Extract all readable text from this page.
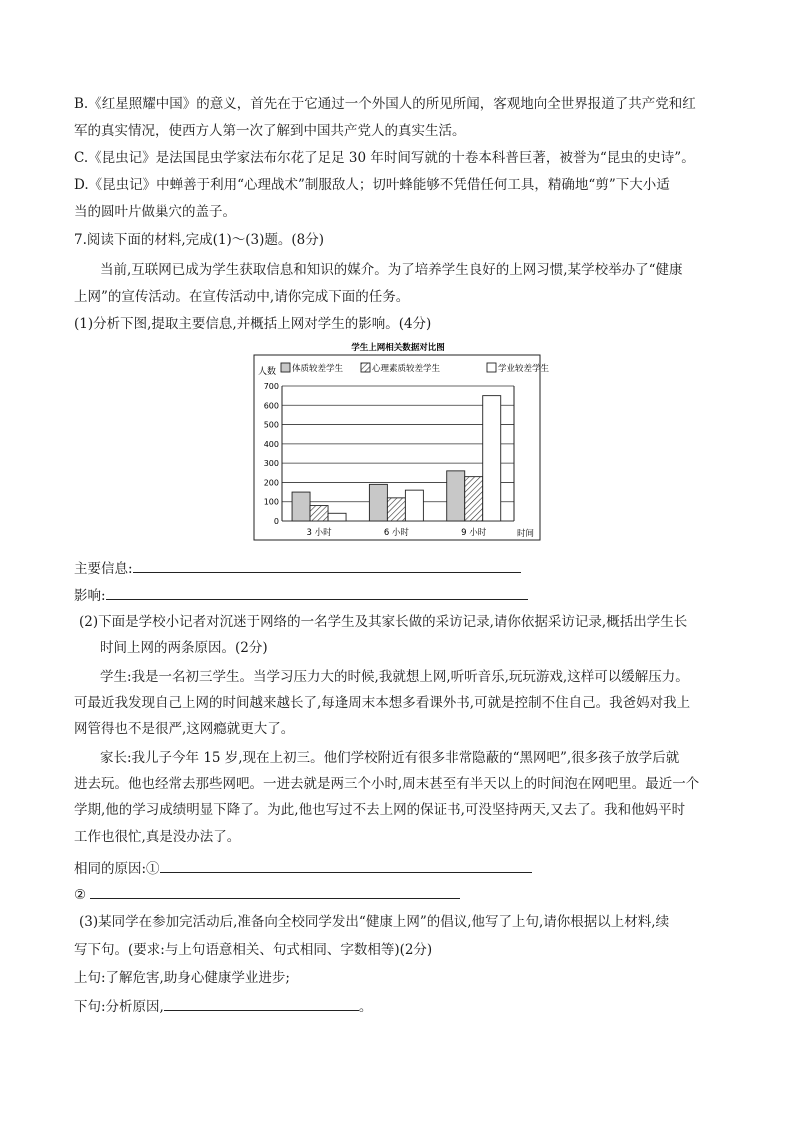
B.《红星照耀中国》的意义，首先在于它通过一个外国人的所见所闻，客观地向全世界报道了共产党和红
军的真实情况，使西方人第一次了解到中国共产党人的真实生活。
C.《昆虫记》是法国昆虫学家法布尔花了足足 30 年时间写就的十卷本科普巨著，被誉为“昆虫的史诗”。
D.《昆虫记》中蝉善于利用“心理战术”制服敌人；切叶蜂能够不凭借任何工具，精确地“剪”下大小适
当的圆叶片做巢穴的盖子。
7.阅读下面的材料,完成(1)～(3)题。(8分)
当前,互联网已成为学生获取信息和知识的媒介。为了培养学生良好的上网习惯,某学校举办了“健康
上网”的宣传活动。在宣传活动中,请你完成下面的任务。
(1)分析下图,提取主要信息,并概括上网对学生的影响。(4分)
学生上网相关数据对比图
人数
时间
体质较差学生	心理素质较差学生	学业较差学生
0
100
200
300
400
500
600
700
3 小时	6 小时	9 小时
主要信息:
影响:
(2)下面是学校小记者对沉迷于网络的一名学生及其家长做的采访记录,请你依据采访记录,概括出学生长
时间上网的两条原因。(2分)
学生:我是一名初三学生。当学习压力大的时候,我就想上网,听听音乐,玩玩游戏,这样可以缓解压力。
可最近我发现自己上网的时间越来越长了,每逢周末本想多看课外书,可就是控制不住自己。我爸妈对我上
网管得也不是很严,这网瘾就更大了。
家长:我儿子今年 15 岁,现在上初三。他们学校附近有很多非常隐蔽的“黑网吧”,很多孩子放学后就
进去玩。他也经常去那些网吧。一进去就是两三个小时,周末甚至有半天以上的时间泡在网吧里。最近一个
学期,他的学习成绩明显下降了。为此,他也写过不去上网的保证书,可没坚持两天,又去了。我和他妈平时
工作也很忙,真是没办法了。
相同的原因:①
②
(3)某同学在参加完活动后,准备向全校同学发出“健康上网”的倡议,他写了上句,请你根据以上材料,续
写下句。(要求:与上句语意相关、句式相同、字数相等)(2分)
上句:了解危害,助身心健康学业进步;
下句:分析原因,	。
